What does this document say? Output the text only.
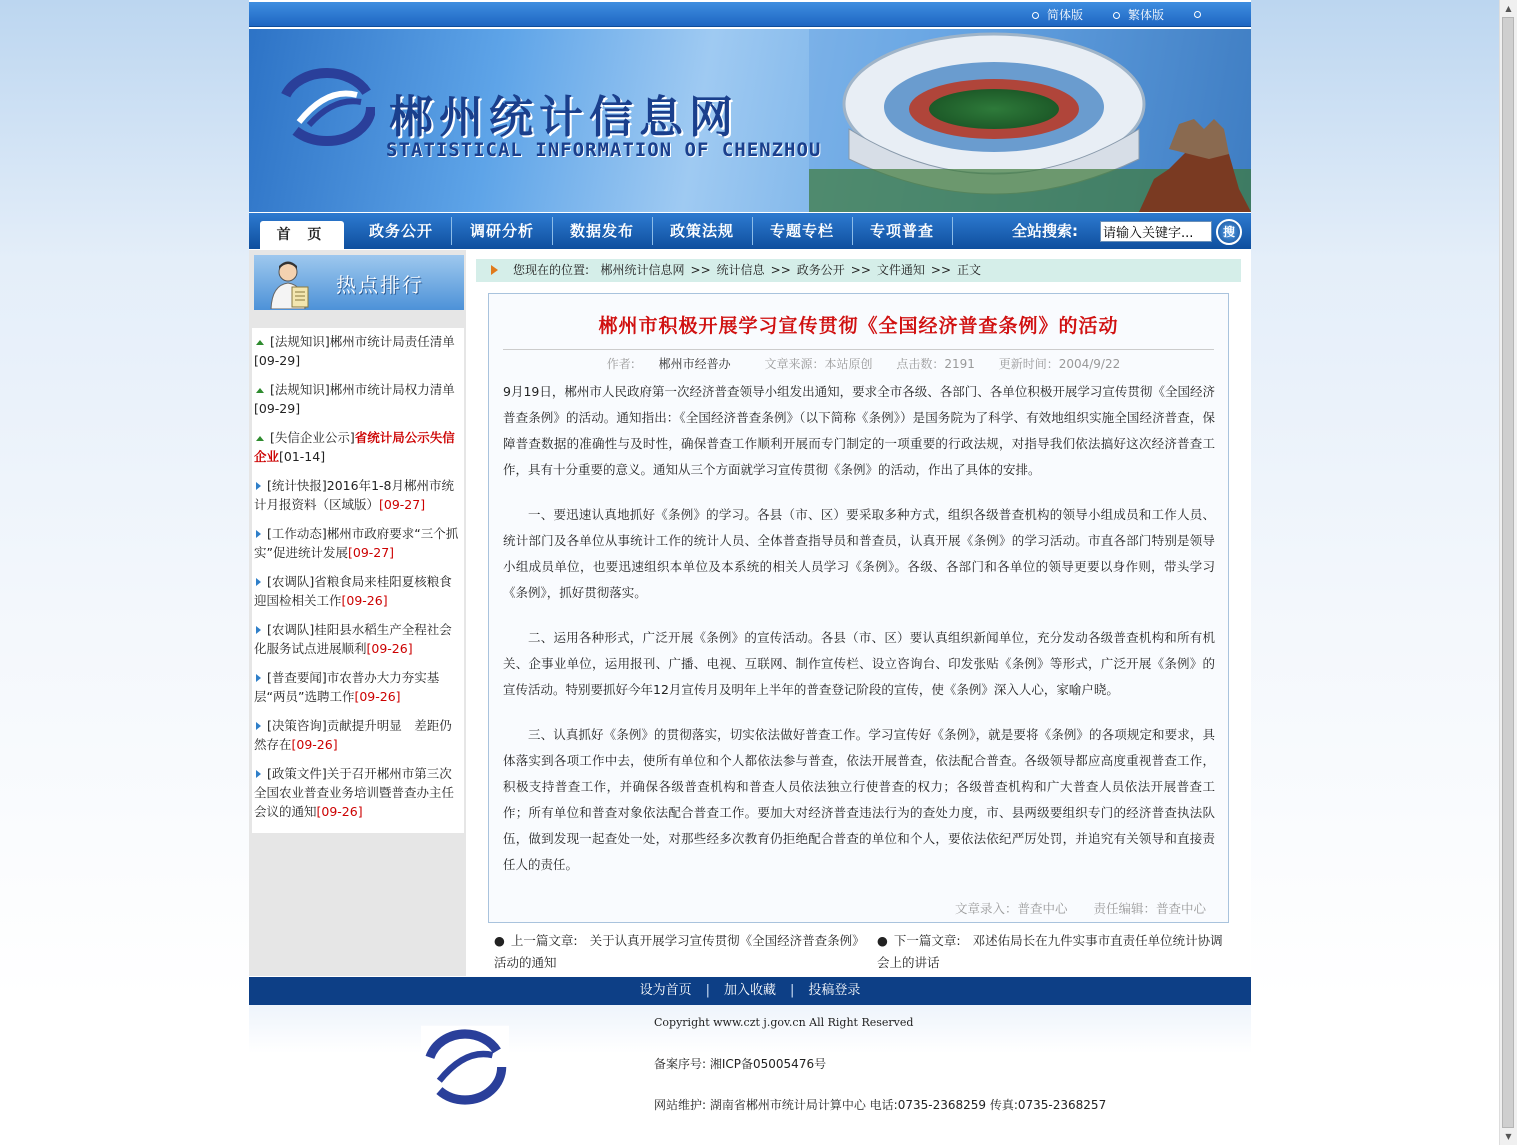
▲
▼
简体版	繁体版
郴州统计信息网
STATISTICAL INFORMATION OF CHENZHOU
首 页	政务公开	调研分析	数据发布	政策法规	专题专栏	专项普查	全站搜索:
请输入关键字...	搜
热点排行
[法规知识]郴州市统计局责任清单[09-29]
[法规知识]郴州市统计局权力清单[09-29]
[失信企业公示]省统计局公示失信企业[01-14]
[统计快报]2016年1-8月郴州市统计月报资料（区域版）[09-27]
[工作动态]郴州市政府要求“三个抓实”促进统计发展[09-27]
[农调队]省粮食局来桂阳夏核粮食迎国检相关工作[09-26]
[农调队]桂阳县水稻生产全程社会化服务试点进展顺利[09-26]
[普查要闻]市农普办大力夯实基层“两员”选聘工作[09-26]
[决策咨询]贡献提升明显　差距仍然存在[09-26]
[政策文件]关于召开郴州市第三次全国农业普查业务培训暨普查办主任会议的通知[09-26]
您现在的位置: 郴州统计信息网 >> 统计信息 >> 政务公开 >> 文件通知 >> 正文
郴州市积极开展学习宣传贯彻《全国经济普查条例》的活动
作者: 郴州市经普办	文章来源：本站原创 点击数：2191 更新时间：2004/9/22

9月19日，郴州市人民政府第一次经济普查领导小组发出通知，要求全市各级、各部门、各单位积极开展学习宣传贯彻《全国经济普查条例》的活动。通知指出：《全国经济普查条例》（以下简称《条例》）是国务院为了科学、有效地组织实施全国经济普查，保障普查数据的准确性与及时性，确保普查工作顺利开展而专门制定的一项重要的行政法规，对指导我们依法搞好这次经济普查工作，具有十分重要的意义。通知从三个方面就学习宣传贯彻《条例》的活动，作出了具体的安排。

一、要迅速认真地抓好《条例》的学习。各县（市、区）要采取多种方式，组织各级普查机构的领导小组成员和工作人员、统计部门及各单位从事统计工作的统计人员、全体普查指导员和普查员，认真开展《条例》的学习活动。市直各部门特别是领导小组成员单位，也要迅速组织本单位及本系统的相关人员学习《条例》。各级、各部门和各单位的领导更要以身作则，带头学习《条例》，抓好贯彻落实。

二、运用各种形式，广泛开展《条例》的宣传活动。各县（市、区）要认真组织新闻单位，充分发动各级普查机构和所有机关、企事业单位，运用报刊、广播、电视、互联网、制作宣传栏、设立咨询台、印发张贴《条例》等形式，广泛开展《条例》的宣传活动。特别要抓好今年12月宣传月及明年上半年的普查登记阶段的宣传，使《条例》深入人心，家喻户晓。

三、认真抓好《条例》的贯彻落实，切实依法做好普查工作。学习宣传好《条例》，就是要将《条例》的各项规定和要求，具体落实到各项工作中去，使所有单位和个人都依法参与普查，依法开展普查，依法配合普查。各级领导都应高度重视普查工作，积极支持普查工作，并确保各级普查机构和普查人员依法独立行使普查的权力；各级普查机构和广大普查人员依法开展普查工作；所有单位和普查对象依法配合普查工作。要加大对经济普查违法行为的查处力度，市、县两级要组织专门的经济普查执法队伍，做到发现一起查处一处，对那些经多次教育仍拒绝配合普查的单位和个人，要依法依纪严厉处罚，并追究有关领导和直接责任人的责任。

文章录入：普查中心 责任编辑：普查中心
● 上一篇文章: 关于认真开展学习宣传贯彻《全国经济普查条例》活动的通知
● 下一篇文章: 邓述佑局长在九件实事市直责任单位统计协调会上的讲话
设为首页 | 加入收藏 | 投稿登录
Copyright www.czt j.gov.cn All Right Reserved
备案序号: 湘ICP备05005476号
网站维护: 湖南省郴州市统计局计算中心 电话:0735-2368259 传真:0735-2368257
